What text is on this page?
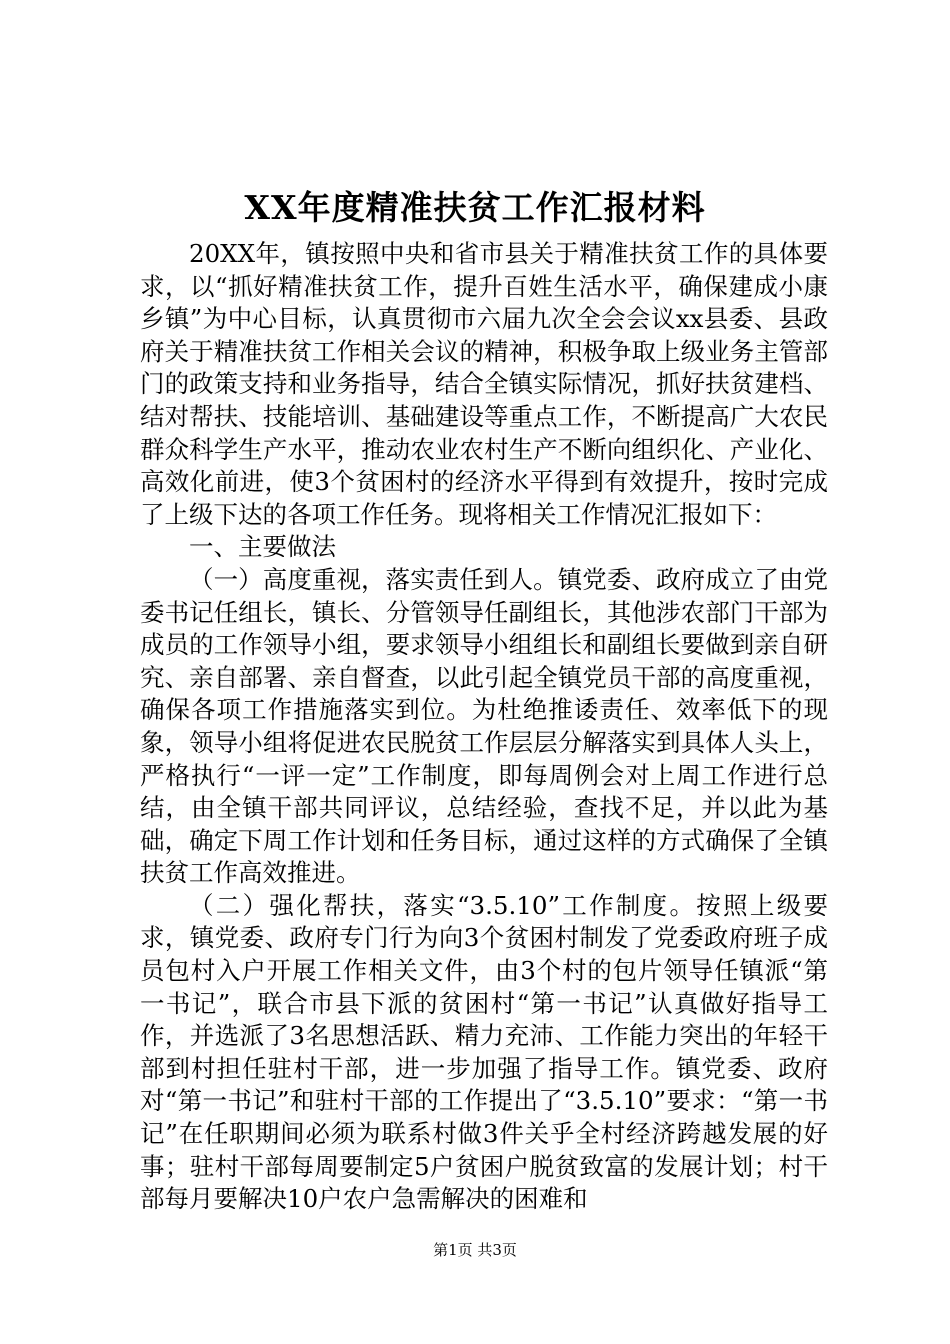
XX年度精准扶贫工作汇报材料

20XX年，镇按照中央和省市县关于精准扶贫工作的具体要求，以“抓好精准扶贫工作，提升百姓生活水平，确保建成小康乡镇”为中心目标，认真贯彻市六届九次全会会议xx县委、县政府关于精准扶贫工作相关会议的精神，积极争取上级业务主管部门的政策支持和业务指导，结合全镇实际情况，抓好扶贫建档、结对帮扶、技能培训、基础建设等重点工作，不断提高广大农民群众科学生产水平，推动农业农村生产不断向组织化、产业化、高效化前进，使3个贫困村的经济水平得到有效提升，按时完成了上级下达的各项工作任务。现将相关工作情况汇报如下：

一、主要做法

（一）高度重视，落实责任到人。镇党委、政府成立了由党委书记任组长，镇长、分管领导任副组长，其他涉农部门干部为成员的工作领导小组，要求领导小组组长和副组长要做到亲自研究、亲自部署、亲自督查，以此引起全镇党员干部的高度重视，确保各项工作措施落实到位。为杜绝推诿责任、效率低下的现象，领导小组将促进农民脱贫工作层层分解落实到具体人头上，严格执行“一评一定”工作制度，即每周例会对上周工作进行总结，由全镇干部共同评议，总结经验，查找不足，并以此为基础，确定下周工作计划和任务目标，通过这样的方式确保了全镇扶贫工作高效推进。

（二）强化帮扶，落实“3.5.10”工作制度。按照上级要求，镇党委、政府专门行为向3个贫困村制发了党委政府班子成员包村入户开展工作相关文件，由3个村的包片领导任镇派“第一书记”，联合市县下派的贫困村“第一书记”认真做好指导工作，并选派了3名思想活跃、精力充沛、工作能力突出的年轻干部到村担任驻村干部，进一步加强了指导工作。镇党委、政府对“第一书记”和驻村干部的工作提出了“3.5.10”要求：“第一书记”在任职期间必须为联系村做3件关乎全村经济跨越发展的好事；驻村干部每周要制定5户贫困户脱贫致富的发展计划；村干部每月要解决10户农户急需解决的困难和

第1页 共3页
